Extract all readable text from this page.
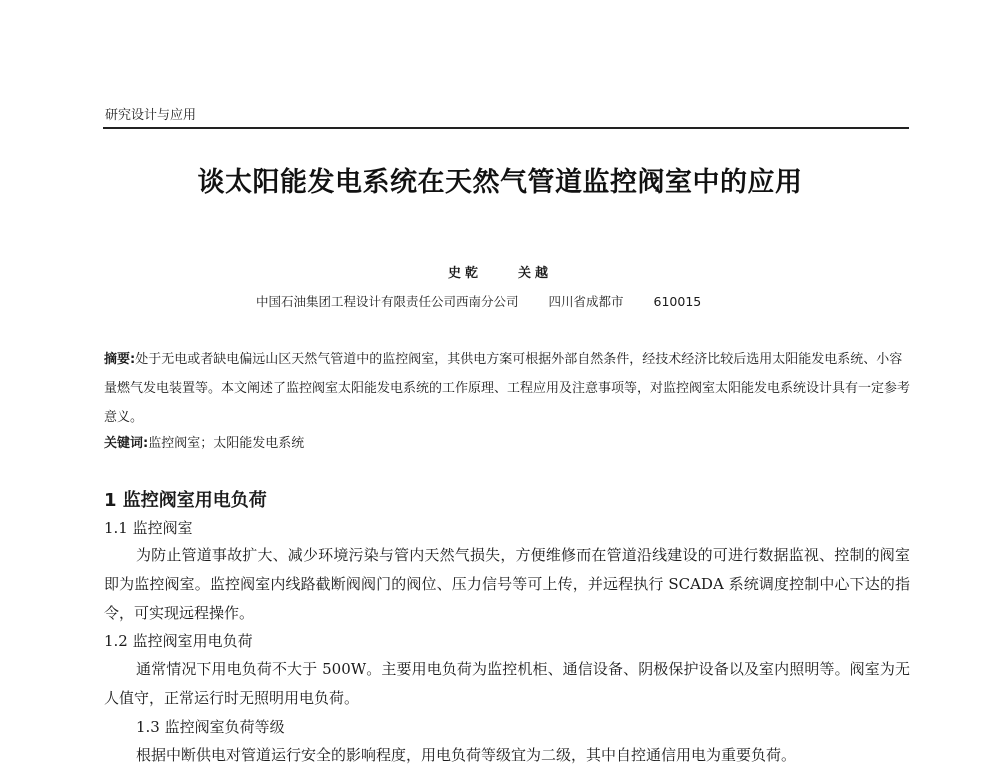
研究设计与应用
谈太阳能发电系统在天然气管道监控阀室中的应用
史乾	关越
中国石油集团工程设计有限责任公司西南分公司 四川省成都市 610015
摘要:处于无电或者缺电偏远山区天然气管道中的监控阀室，其供电方案可根据外部自然条件，经技术经济比较后选用太阳能发电系统、小容量燃气发电装置等。本文阐述了监控阀室太阳能发电系统的工作原理、工程应用及注意事项等，对监控阀室太阳能发电系统设计具有一定参考意义。
关键词:监控阀室；太阳能发电系统
1 监控阀室用电负荷
1.1 监控阀室
为防止管道事故扩大、减少环境污染与管内天然气损失，方便维修而在管道沿线建设的可进行数据监视、控制的阀室即为监控阀室。监控阀室内线路截断阀阀门的阀位、压力信号等可上传，并远程执行 SCADA 系统调度控制中心下达的指令，可实现远程操作。
1.2 监控阀室用电负荷
通常情况下用电负荷不大于 500W。主要用电负荷为监控机柜、通信设备、阴极保护设备以及室内照明等。阀室为无人值守，正常运行时无照明用电负荷。
1.3 监控阀室负荷等级
根据中断供电对管道运行安全的影响程度，用电负荷等级宜为二级，其中自控通信用电为重要负荷。
